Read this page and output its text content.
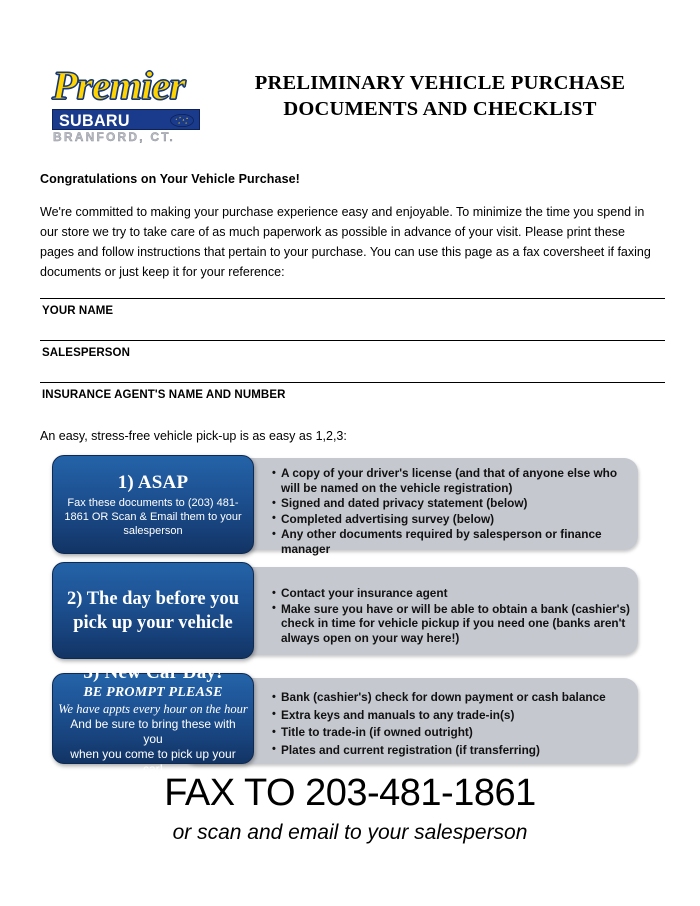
Premier
SUBARU
BRANFORD, CT.
PRELIMINARY VEHICLE PURCHASE
DOCUMENTS AND CHECKLIST
Congratulations on Your Vehicle Purchase!
We're committed to making your purchase experience easy and enjoyable. To minimize the time you spend in our store we try to take care of as much paperwork as possible in advance of your visit. Please print these pages and follow instructions that pertain to your purchase. You can use this page as a fax coversheet if faxing documents or just keep it for your reference:
YOUR NAME
SALESPERSON
INSURANCE AGENT'S NAME AND NUMBER
An easy, stress-free vehicle pick-up is as easy as 1,2,3:
1) ASAP
Fax these documents to (203) 481-1861 OR Scan & Email them to your salesperson
• A copy of your driver's license (and that of anyone else who will be named on the vehicle registration)
• Signed and dated privacy statement (below)
• Completed advertising survey (below)
• Any other documents required by salesperson or finance manager
2) The day before you pick up your vehicle
• Contact your insurance agent
• Make sure you have or will be able to obtain a bank (cashier's) check in time for vehicle pickup if you need one (banks aren't always open on your way here!)
3) New Car Day!
BE PROMPT PLEASE
We have appts every hour on the hour
And be sure to bring these with you
when you come to pick up your car!
• Bank (cashier's) check for down payment or cash balance
• Extra keys and manuals to any trade-in(s)
• Title to trade-in (if owned outright)
• Plates and current registration (if transferring)
FAX TO 203-481-1861
or scan and email to your salesperson
